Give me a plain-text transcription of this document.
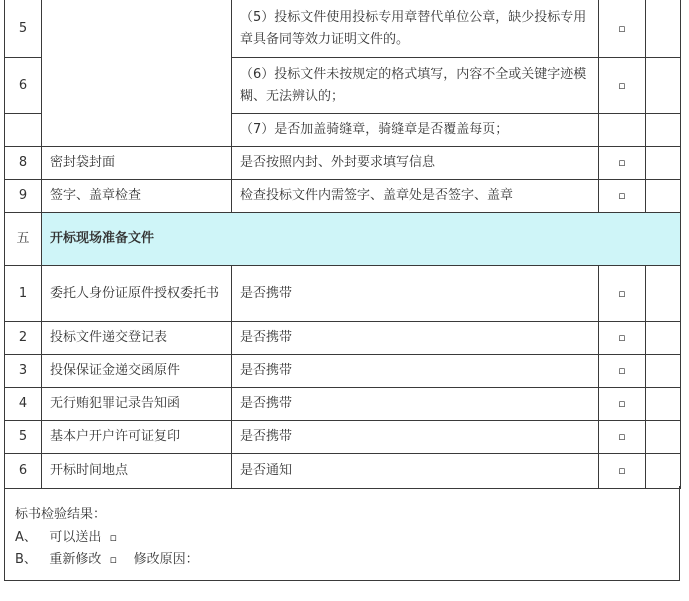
5		（5）投标文件使用投标专用章替代单位公章，缺少投标专用章具备同等效力证明文件的。	▫	
6		（6）投标文件未按规定的格式填写，内容不全或关键字迹模糊、无法辨认的；	▫	
		（7）是否加盖骑缝章，骑缝章是否覆盖每页；		
8	密封袋封面	是否按照内封、外封要求填写信息	▫	
9	签字、盖章检查	检查投标文件内需签字、盖章处是否签字、盖章	▫	
五	开标现场准备文件			
1	委托人身份证原件授权委托书	是否携带	▫	
2	投标文件递交登记表	是否携带	▫	
3	投保保证金递交函原件	是否携带	▫	
4	无行贿犯罪记录告知函	是否携带	▫	
5	基本户开户许可证复印	是否携带	▫	
6	开标时间地点	是否通知	▫	
标书检验结果：
A、 可以送出 ▫
B、 重新修改 ▫ 修改原因：
